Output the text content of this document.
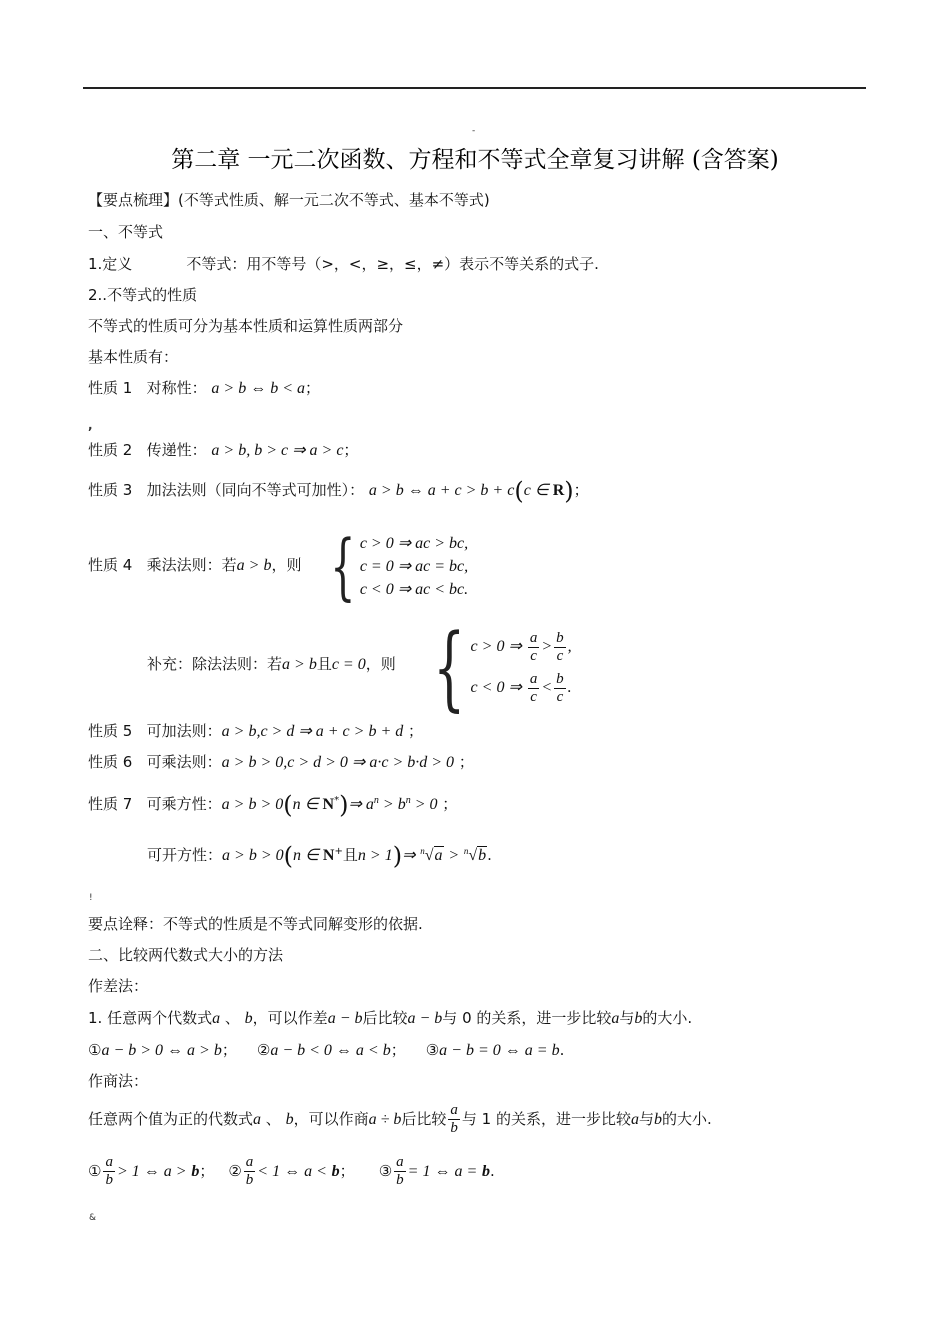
-
第二章 一元二次函数、方程和不等式全章复习讲解 (含答案)
【要点梳理】(不等式性质、解一元二次不等式、基本不等式)
一、不等式
1.定义	不等式：用不等号（>，<，≥，≤，≠）表示不等关系的式子.
2..不等式的性质
不等式的性质可分为基本性质和运算性质两部分
基本性质有：
性质 1 对称性： a > b ⇔ b < a；
,
性质 2 传递性： a > b, b > c ⇒ a > c；
性质 3 加法法则（同向不等式可加性）： a > b ⇔ a + c > b + c(c ∈ R)；
性质 4 乘法法则：若a > b，则 { c > 0 ⇒ ac > bc,
c = 0 ⇒ ac = bc,
c < 0 ⇒ ac < bc.
补充：除法法则：若a > b且c = 0，则 { c > 0 ⇒ $\frac{a}{c} > \frac{b}{c}$ ,
c < 0 ⇒ $\frac{a}{c} < \frac{b}{c}$ .
性质 5 可加法则：a > b,c > d ⇒ a + c > b + d ；
性质 6 可乘法则：a > b > 0,c > d > 0 ⇒ a·c > b·d > 0 ；
性质 7 可乘方性：a > b > 0(n ∈ N*)⇒ $a^n > b^n > 0$ ；
可开方性：a > b > 0(n ∈ N+且n > 1)⇒ $^n$√a > $^n$√b.
!
要点诠释：不等式的性质是不等式同解变形的依据.
二、比较两代数式大小的方法
作差法：
1. 任意两个代数式a 、 b，可以作差a − b后比较a − b与 0 的关系，进一步比较a与b的大小.
①a − b > 0 ⇔ a > b； ②a − b < 0 ⇔ a < b； ③a − b = 0 ⇔ a = b.
作商法：
任意两个值为正的代数式a 、 b，可以作商a ÷ b后比较 $\frac{a}{b}$ 与 1 的关系，进一步比较a与b的大小.
① $\frac{a}{b} > 1$ ⇔ a > b； ② $\frac{a}{b} < 1$ ⇔ a < b； ③ $\frac{a}{b} = 1$ ⇔ a = b.
&
